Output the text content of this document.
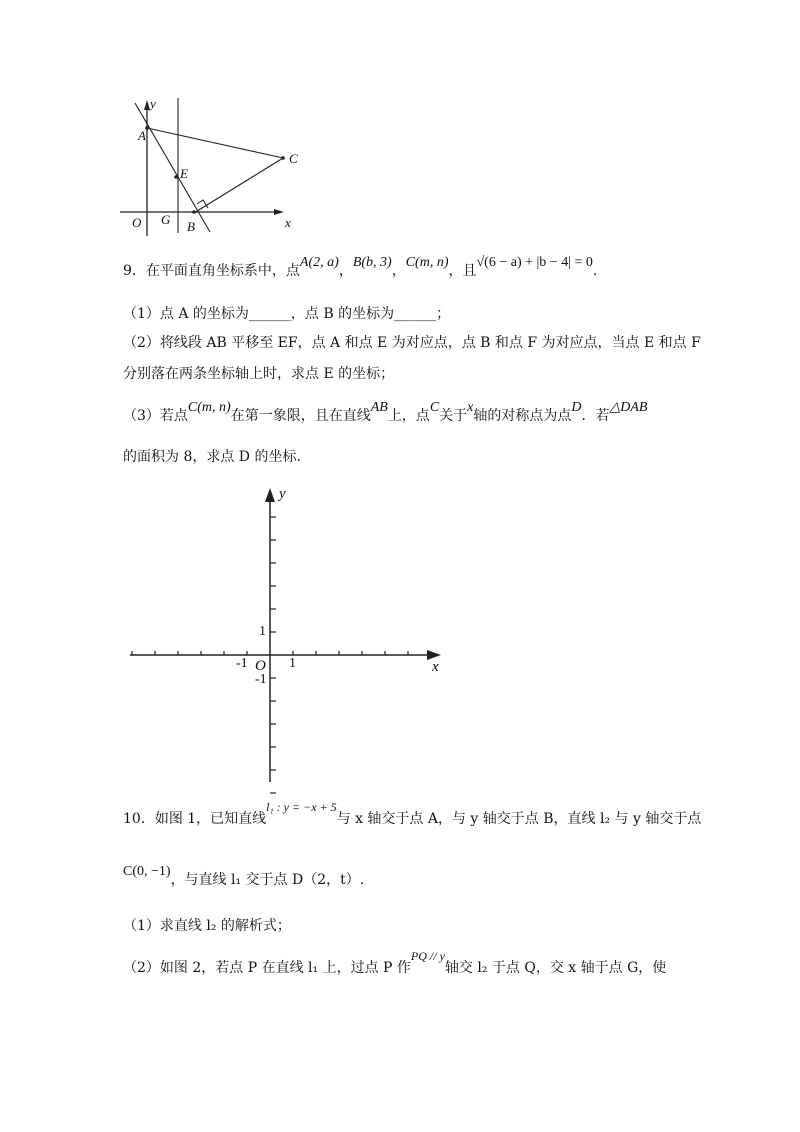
y
A
C
E
O G B	x
9．在平面直角坐标系中，点A(2, a)，B(b, 3)，C(m, n)，且√(6 − a) + |b − 4| = 0．
（1）点 A 的坐标为______，点 B 的坐标为______；
（2）将线段 AB 平移至 EF，点 A 和点 E 为对应点，点 B 和点 F 为对应点，当点 E 和点 F
分别落在两条坐标轴上时，求点 E 的坐标；
（3）若点C(m, n)在第一象限，且在直线AB上，点C关于x轴的对称点为点D．若△DAB
的面积为 8，求点 D 的坐标.
y
x
1
-1 O 1
-1
10．如图 1，已知直线l₁ : y = −x + 5与 x 轴交于点 A，与 y 轴交于点 B，直线 l₂ 与 y 轴交于点
C(0, −1)，与直线 l₁ 交于点 D（2，t）.
（1）求直线 l₂ 的解析式；
（2）如图 2，若点 P 在直线 l₁ 上，过点 P 作PQ // y轴交 l₂ 于点 Q，交 x 轴于点 G，使
